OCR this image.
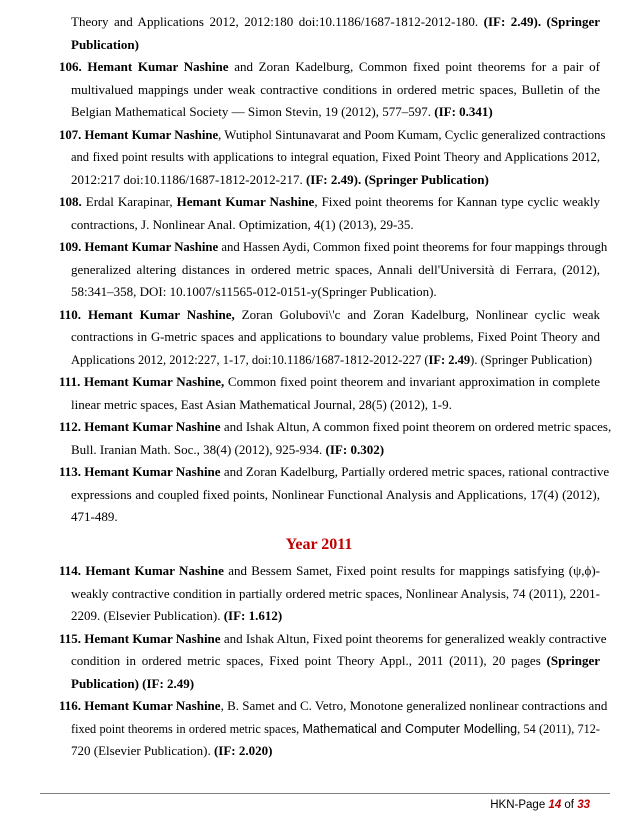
Theory and Applications 2012, 2012:180 doi:10.1186/1687-1812-2012-180. (IF: 2.49). (Springer
Publication)
106. Hemant Kumar Nashine and Zoran Kadelburg, Common fixed point theorems for a pair of
multivalued mappings under weak contractive conditions in ordered metric spaces, Bulletin of the
Belgian Mathematical Society — Simon Stevin, 19 (2012), 577–597. (IF: 0.341)
107. Hemant Kumar Nashine, Wutiphol Sintunavarat and Poom Kumam, Cyclic generalized contractions
and fixed point results with applications to integral equation, Fixed Point Theory and Applications 2012,
2012:217 doi:10.1186/1687-1812-2012-217. (IF: 2.49). (Springer Publication)
108. Erdal Karapinar, Hemant Kumar Nashine, Fixed point theorems for Kannan type cyclic weakly
contractions, J. Nonlinear Anal. Optimization, 4(1) (2013), 29-35.
109. Hemant Kumar Nashine and Hassen Aydi, Common fixed point theorems for four mappings through
generalized altering distances in ordered metric spaces, Annali dell'Università di Ferrara, (2012),
58:341–358, DOI: 10.1007/s11565-012-0151-y(Springer Publication).
110. Hemant Kumar Nashine, Zoran Golubovi\'c and Zoran Kadelburg, Nonlinear cyclic weak
contractions in G-metric spaces and applications to boundary value problems, Fixed Point Theory and
Applications 2012, 2012:227, 1-17, doi:10.1186/1687-1812-2012-227 (IF: 2.49). (Springer Publication)
111. Hemant Kumar Nashine, Common fixed point theorem and invariant approximation in complete
linear metric spaces, East Asian Mathematical Journal, 28(5) (2012), 1-9.
112. Hemant Kumar Nashine and Ishak Altun, A common fixed point theorem on ordered metric spaces,
Bull. Iranian Math. Soc., 38(4) (2012), 925-934. (IF: 0.302)
113. Hemant Kumar Nashine and Zoran Kadelburg, Partially ordered metric spaces, rational contractive
expressions and coupled fixed points, Nonlinear Functional Analysis and Applications, 17(4) (2012),
471-489.
Year 2011
114. Hemant Kumar Nashine and Bessem Samet, Fixed point results for mappings satisfying (ψ,ϕ)-
weakly contractive condition in partially ordered metric spaces, Nonlinear Analysis, 74 (2011), 2201-
2209. (Elsevier Publication). (IF: 1.612)
115. Hemant Kumar Nashine and Ishak Altun, Fixed point theorems for generalized weakly contractive
condition in ordered metric spaces, Fixed point Theory Appl., 2011 (2011), 20 pages (Springer
Publication) (IF: 2.49)
116. Hemant Kumar Nashine, B. Samet and C. Vetro, Monotone generalized nonlinear contractions and
fixed point theorems in ordered metric spaces, Mathematical and Computer Modelling, 54 (2011), 712-
720 (Elsevier Publication). (IF: 2.020)
HKN-Page 14 of 33
